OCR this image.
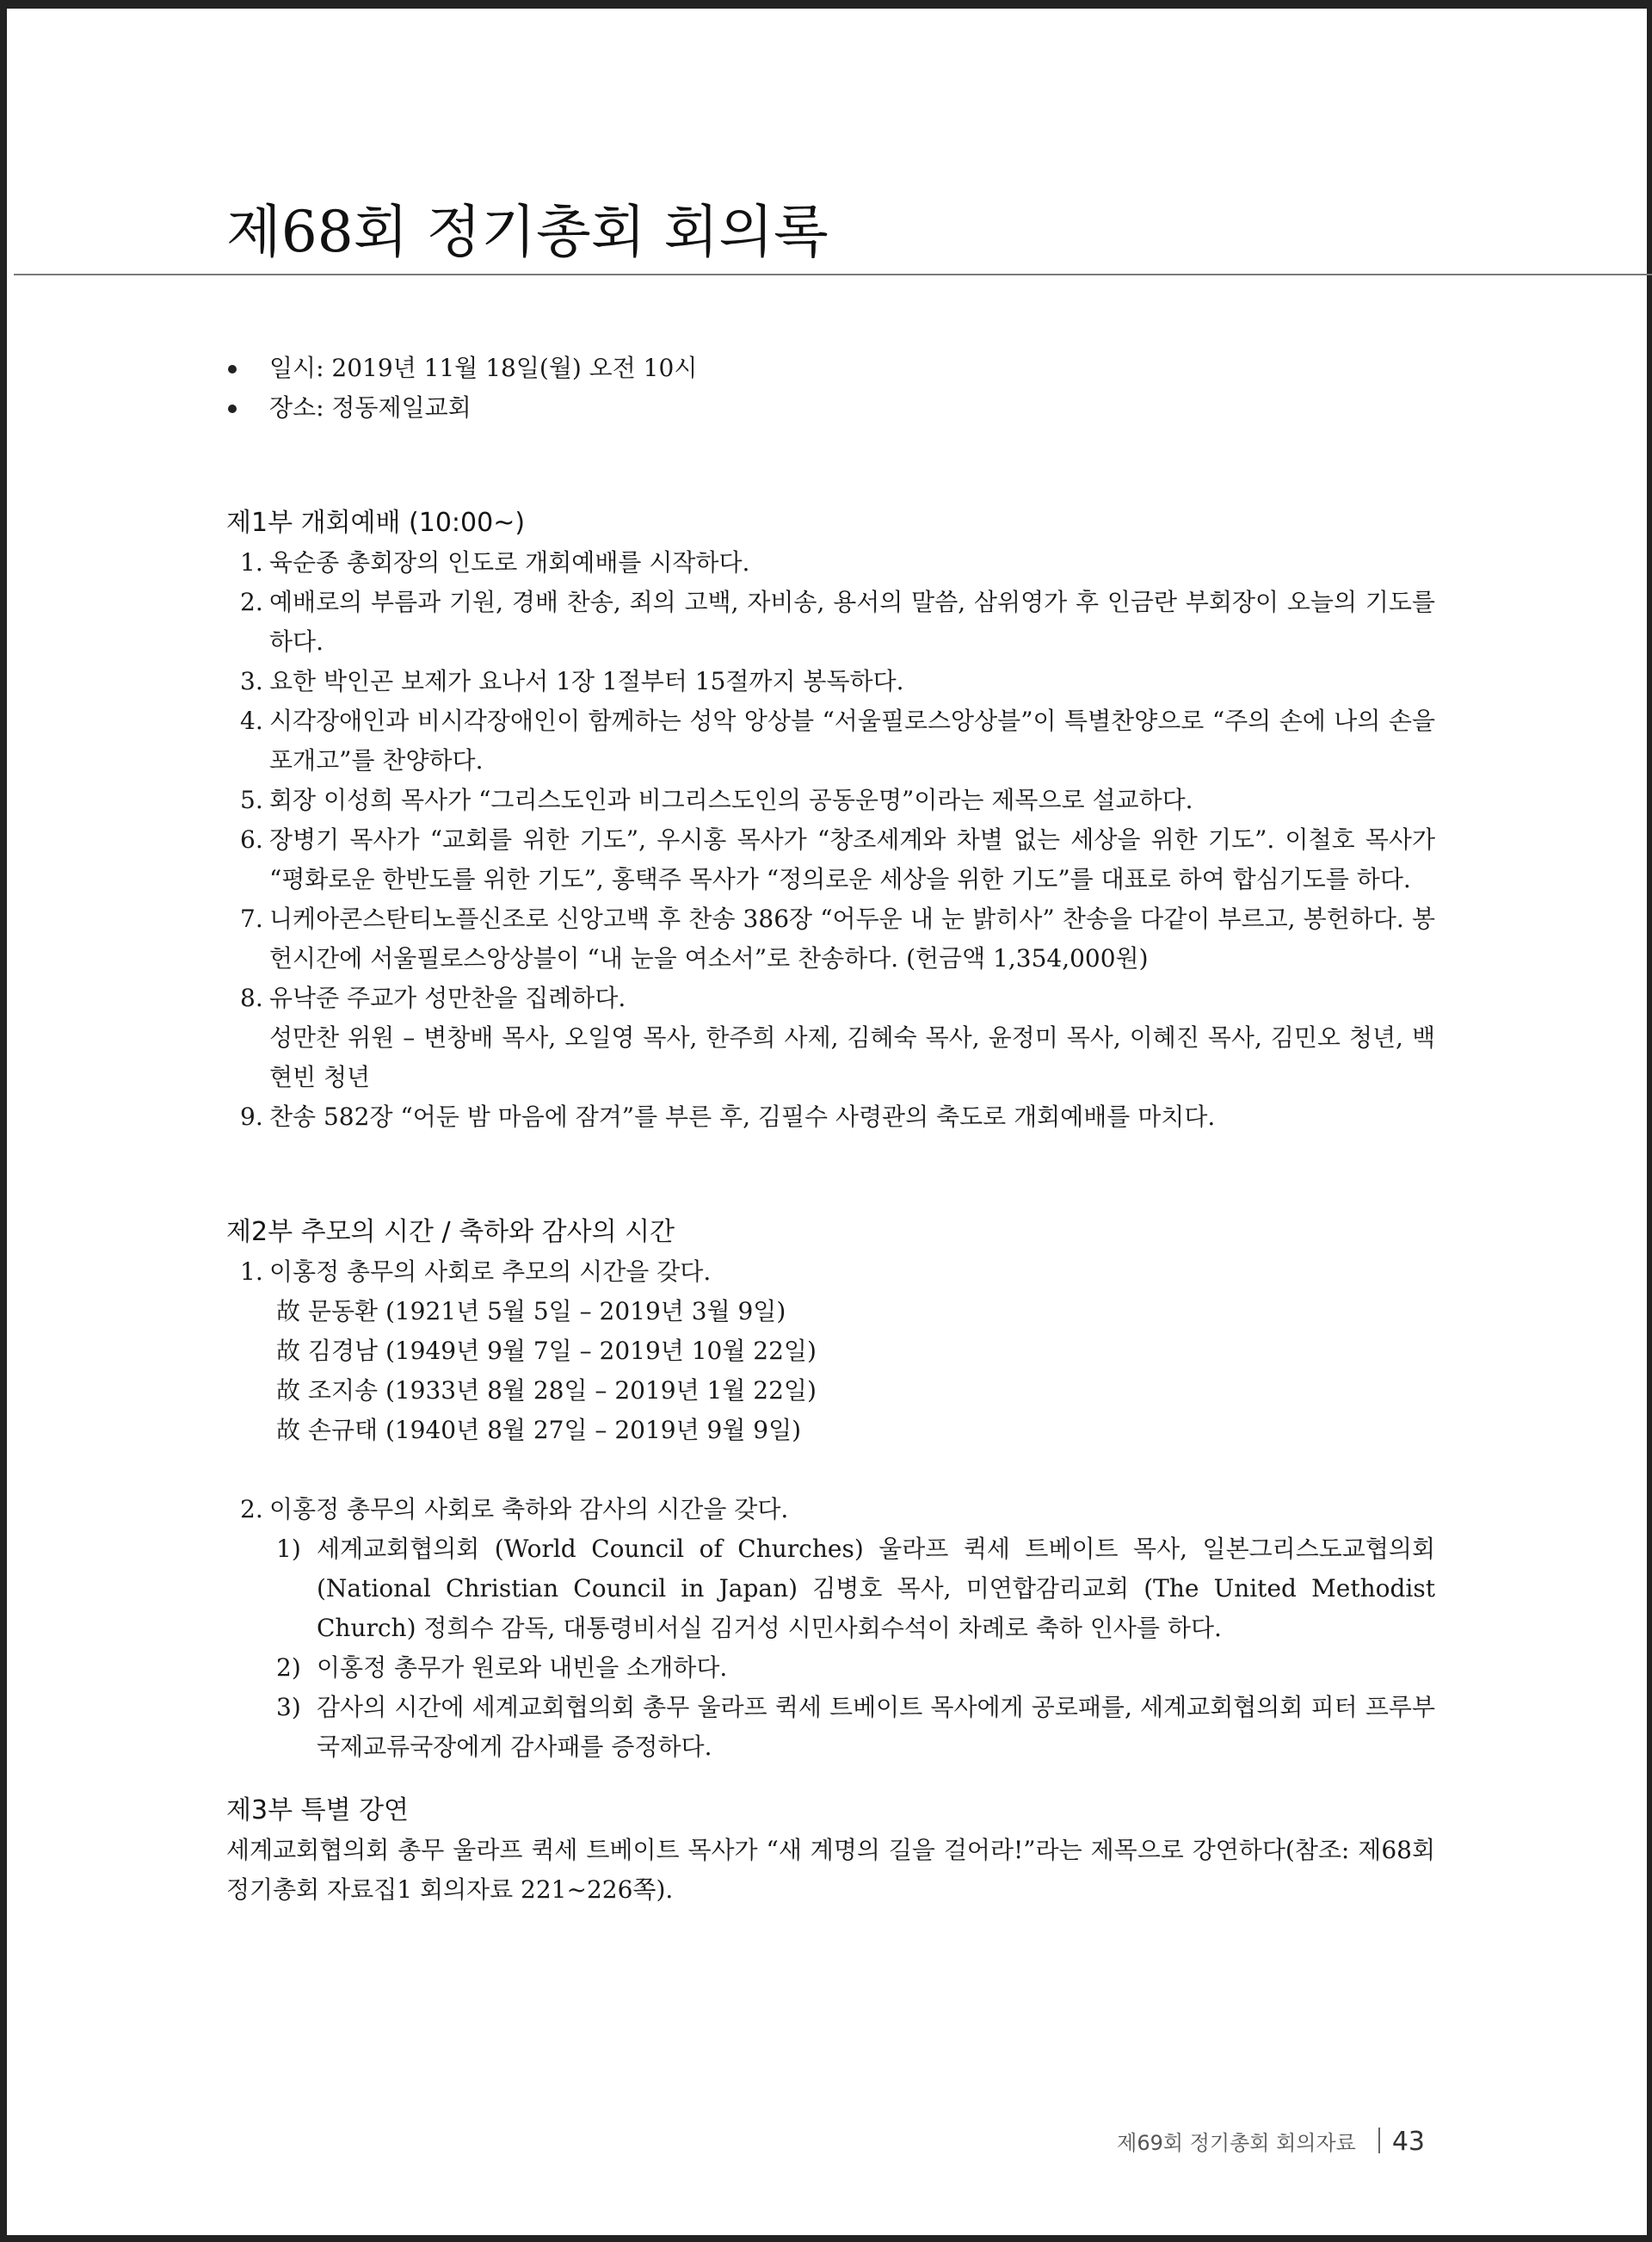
제68회 정기총회 회의록
일시: 2019년 11월 18일(월) 오전 10시
장소: 정동제일교회
제1부 개회예배 (10:00~)
1. 육순종 총회장의 인도로 개회예배를 시작하다.
2. 예배로의 부름과 기원, 경배 찬송, 죄의 고백, 자비송, 용서의 말씀, 삼위영가 후 인금란 부회장이 오늘의 기도를 하다.
3. 요한 박인곤 보제가 요나서 1장 1절부터 15절까지 봉독하다.
4. 시각장애인과 비시각장애인이 함께하는 성악 앙상블 “서울필로스앙상블”이 특별찬양으로 “주의 손에 나의 손을 포개고”를 찬양하다.
5. 회장 이성희 목사가 “그리스도인과 비그리스도인의 공동운명”이라는 제목으로 설교하다.
6. 장병기 목사가 “교회를 위한 기도”, 우시홍 목사가 “창조세계와 차별 없는 세상을 위한 기도”. 이철호 목사가 “평화로운 한반도를 위한 기도”, 홍택주 목사가 “정의로운 세상을 위한 기도”를 대표로 하여 합심기도를 하다.
7. 니케아콘스탄티노플신조로 신앙고백 후 찬송 386장 “어두운 내 눈 밝히사” 찬송을 다같이 부르고, 봉헌하다. 봉헌시간에 서울필로스앙상블이 “내 눈을 여소서”로 찬송하다. (헌금액 1,354,000원)
8. 유낙준 주교가 성만찬을 집례하다.
성만찬 위원 – 변창배 목사, 오일영 목사, 한주희 사제, 김혜숙 목사, 윤정미 목사, 이혜진 목사, 김민오 청년, 백현빈 청년
9. 찬송 582장 “어둔 밤 마음에 잠겨”를 부른 후, 김필수 사령관의 축도로 개회예배를 마치다.
제2부 추모의 시간 / 축하와 감사의 시간
1. 이홍정 총무의 사회로 추모의 시간을 갖다.
故 문동환 (1921년 5월 5일 – 2019년 3월 9일)
故 김경남 (1949년 9월 7일 – 2019년 10월 22일)
故 조지송 (1933년 8월 28일 – 2019년 1월 22일)
故 손규태 (1940년 8월 27일 – 2019년 9월 9일)
2. 이홍정 총무의 사회로 축하와 감사의 시간을 갖다.
1) 세계교회협의회 (World Council of Churches) 울라프 퀵세 트베이트 목사, 일본그리스도교협의회 (National Christian Council in Japan) 김병호 목사, 미연합감리교회 (The United Methodist Church) 정희수 감독, 대통령비서실 김거성 시민사회수석이 차례로 축하 인사를 하다.
2) 이홍정 총무가 원로와 내빈을 소개하다.
3) 감사의 시간에 세계교회협의회 총무 울라프 퀵세 트베이트 목사에게 공로패를, 세계교회협의회 피터 프루부 국제교류국장에게 감사패를 증정하다.
제3부 특별 강연

세계교회협의회 총무 울라프 퀵세 트베이트 목사가 “새 계명의 길을 걸어라!”라는 제목으로 강연하다(참조: 제68회 정기총회 자료집1 회의자료 221~226쪽).

제69회 정기총회 회의자료 43
